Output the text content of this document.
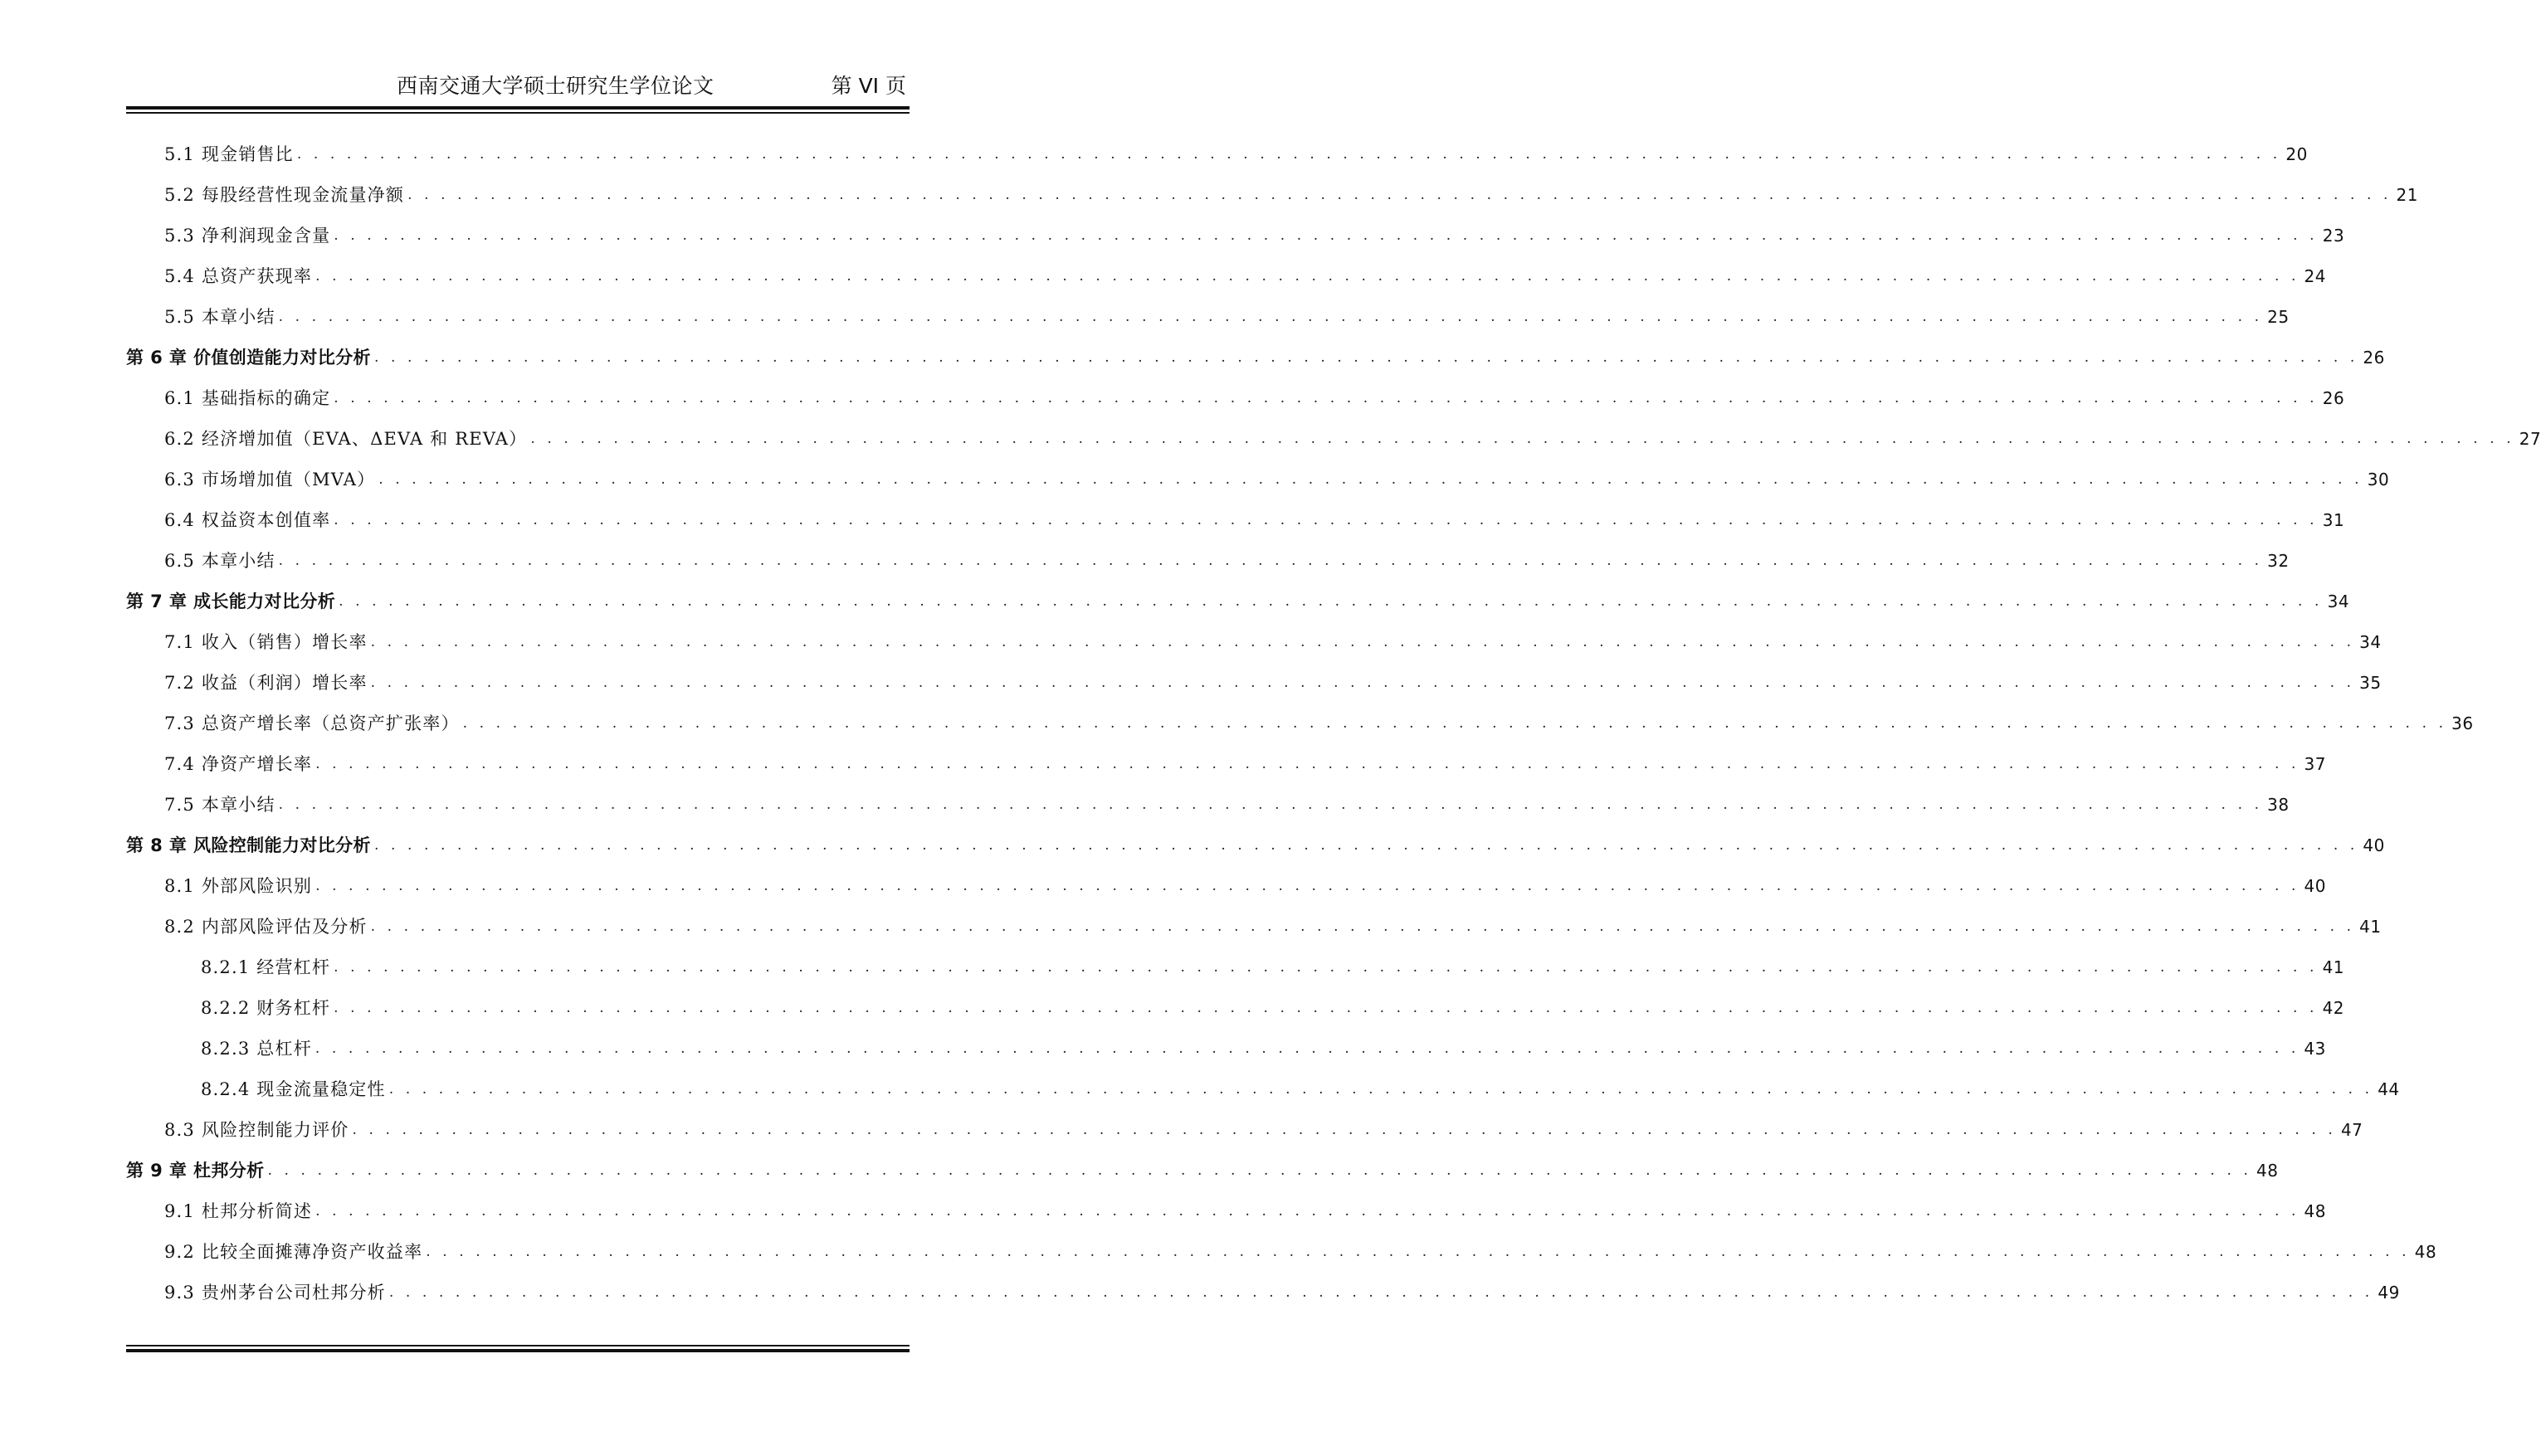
西南交通大学硕士研究生学位论文	第 VI 页
5.1 现金销售比 . . . . . . . . . . . . . . . . . . . . . . . . . . . . . . . . . . . . . . . . . . . . . . . . . . . . . . . . . . . . . . . . . . . . . . . . . . . . . . . . . . . . . . . . . . . . . . . . . . . . . . . . . . . . . . . . . . . . . . . . 20
5.2 每股经营性现金流量净额 . . . . . . . . . . . . . . . . . . . . . . . . . . . . . . . . . . . . . . . . . . . . . . . . . . . . . . . . . . . . . . . . . . . . . . . . . . . . . . . . . . . . . . . . . . . . . . . . . . . . . . . . . . . . . . . . . . . . . . . . 21
5.3 净利润现金含量 . . . . . . . . . . . . . . . . . . . . . . . . . . . . . . . . . . . . . . . . . . . . . . . . . . . . . . . . . . . . . . . . . . . . . . . . . . . . . . . . . . . . . . . . . . . . . . . . . . . . . . . . . . . . . . . . . . . . . . . . 23
5.4 总资产获现率 . . . . . . . . . . . . . . . . . . . . . . . . . . . . . . . . . . . . . . . . . . . . . . . . . . . . . . . . . . . . . . . . . . . . . . . . . . . . . . . . . . . . . . . . . . . . . . . . . . . . . . . . . . . . . . . . . . . . . . . . 24
5.5 本章小结 . . . . . . . . . . . . . . . . . . . . . . . . . . . . . . . . . . . . . . . . . . . . . . . . . . . . . . . . . . . . . . . . . . . . . . . . . . . . . . . . . . . . . . . . . . . . . . . . . . . . . . . . . . . . . . . . . . . . . . . . 25
第 6 章 价值创造能力对比分析 . . . . . . . . . . . . . . . . . . . . . . . . . . . . . . . . . . . . . . . . . . . . . . . . . . . . . . . . . . . . . . . . . . . . . . . . . . . . . . . . . . . . . . . . . . . . . . . . . . . . . . . . . . . . . . . . . . . . . . . . 26
6.1 基础指标的确定 . . . . . . . . . . . . . . . . . . . . . . . . . . . . . . . . . . . . . . . . . . . . . . . . . . . . . . . . . . . . . . . . . . . . . . . . . . . . . . . . . . . . . . . . . . . . . . . . . . . . . . . . . . . . . . . . . . . . . . . . 26
6.2 经济增加值（EVA、ΔEVA 和 REVA） . . . . . . . . . . . . . . . . . . . . . . . . . . . . . . . . . . . . . . . . . . . . . . . . . . . . . . . . . . . . . . . . . . . . . . . . . . . . . . . . . . . . . . . . . . . . . . . . . . . . . . . . . . . . . . . . . . . . . . . . 27
6.3 市场增加值（MVA） . . . . . . . . . . . . . . . . . . . . . . . . . . . . . . . . . . . . . . . . . . . . . . . . . . . . . . . . . . . . . . . . . . . . . . . . . . . . . . . . . . . . . . . . . . . . . . . . . . . . . . . . . . . . . . . . . . . . . . . . 30
6.4 权益资本创值率 . . . . . . . . . . . . . . . . . . . . . . . . . . . . . . . . . . . . . . . . . . . . . . . . . . . . . . . . . . . . . . . . . . . . . . . . . . . . . . . . . . . . . . . . . . . . . . . . . . . . . . . . . . . . . . . . . . . . . . . . 31
6.5 本章小结 . . . . . . . . . . . . . . . . . . . . . . . . . . . . . . . . . . . . . . . . . . . . . . . . . . . . . . . . . . . . . . . . . . . . . . . . . . . . . . . . . . . . . . . . . . . . . . . . . . . . . . . . . . . . . . . . . . . . . . . . 32
第 7 章 成长能力对比分析 . . . . . . . . . . . . . . . . . . . . . . . . . . . . . . . . . . . . . . . . . . . . . . . . . . . . . . . . . . . . . . . . . . . . . . . . . . . . . . . . . . . . . . . . . . . . . . . . . . . . . . . . . . . . . . . . . . . . . . . . 34
7.1 收入（销售）增长率 . . . . . . . . . . . . . . . . . . . . . . . . . . . . . . . . . . . . . . . . . . . . . . . . . . . . . . . . . . . . . . . . . . . . . . . . . . . . . . . . . . . . . . . . . . . . . . . . . . . . . . . . . . . . . . . . . . . . . . . . 34
7.2 收益（利润）增长率 . . . . . . . . . . . . . . . . . . . . . . . . . . . . . . . . . . . . . . . . . . . . . . . . . . . . . . . . . . . . . . . . . . . . . . . . . . . . . . . . . . . . . . . . . . . . . . . . . . . . . . . . . . . . . . . . . . . . . . . . 35
7.3 总资产增长率（总资产扩张率） . . . . . . . . . . . . . . . . . . . . . . . . . . . . . . . . . . . . . . . . . . . . . . . . . . . . . . . . . . . . . . . . . . . . . . . . . . . . . . . . . . . . . . . . . . . . . . . . . . . . . . . . . . . . . . . . . . . . . . . . 36
7.4 净资产增长率 . . . . . . . . . . . . . . . . . . . . . . . . . . . . . . . . . . . . . . . . . . . . . . . . . . . . . . . . . . . . . . . . . . . . . . . . . . . . . . . . . . . . . . . . . . . . . . . . . . . . . . . . . . . . . . . . . . . . . . . . 37
7.5 本章小结 . . . . . . . . . . . . . . . . . . . . . . . . . . . . . . . . . . . . . . . . . . . . . . . . . . . . . . . . . . . . . . . . . . . . . . . . . . . . . . . . . . . . . . . . . . . . . . . . . . . . . . . . . . . . . . . . . . . . . . . . 38
第 8 章 风险控制能力对比分析 . . . . . . . . . . . . . . . . . . . . . . . . . . . . . . . . . . . . . . . . . . . . . . . . . . . . . . . . . . . . . . . . . . . . . . . . . . . . . . . . . . . . . . . . . . . . . . . . . . . . . . . . . . . . . . . . . . . . . . . . 40
8.1 外部风险识别 . . . . . . . . . . . . . . . . . . . . . . . . . . . . . . . . . . . . . . . . . . . . . . . . . . . . . . . . . . . . . . . . . . . . . . . . . . . . . . . . . . . . . . . . . . . . . . . . . . . . . . . . . . . . . . . . . . . . . . . . 40
8.2 内部风险评估及分析 . . . . . . . . . . . . . . . . . . . . . . . . . . . . . . . . . . . . . . . . . . . . . . . . . . . . . . . . . . . . . . . . . . . . . . . . . . . . . . . . . . . . . . . . . . . . . . . . . . . . . . . . . . . . . . . . . . . . . . . . 41
8.2.1 经营杠杆 . . . . . . . . . . . . . . . . . . . . . . . . . . . . . . . . . . . . . . . . . . . . . . . . . . . . . . . . . . . . . . . . . . . . . . . . . . . . . . . . . . . . . . . . . . . . . . . . . . . . . . . . . . . . . . . . . . . . . . . . 41
8.2.2 财务杠杆 . . . . . . . . . . . . . . . . . . . . . . . . . . . . . . . . . . . . . . . . . . . . . . . . . . . . . . . . . . . . . . . . . . . . . . . . . . . . . . . . . . . . . . . . . . . . . . . . . . . . . . . . . . . . . . . . . . . . . . . . 42
8.2.3 总杠杆 . . . . . . . . . . . . . . . . . . . . . . . . . . . . . . . . . . . . . . . . . . . . . . . . . . . . . . . . . . . . . . . . . . . . . . . . . . . . . . . . . . . . . . . . . . . . . . . . . . . . . . . . . . . . . . . . . . . . . . . . 43
8.2.4 现金流量稳定性 . . . . . . . . . . . . . . . . . . . . . . . . . . . . . . . . . . . . . . . . . . . . . . . . . . . . . . . . . . . . . . . . . . . . . . . . . . . . . . . . . . . . . . . . . . . . . . . . . . . . . . . . . . . . . . . . . . . . . . . . 44
8.3 风险控制能力评价 . . . . . . . . . . . . . . . . . . . . . . . . . . . . . . . . . . . . . . . . . . . . . . . . . . . . . . . . . . . . . . . . . . . . . . . . . . . . . . . . . . . . . . . . . . . . . . . . . . . . . . . . . . . . . . . . . . . . . . . . 47
第 9 章 杜邦分析 . . . . . . . . . . . . . . . . . . . . . . . . . . . . . . . . . . . . . . . . . . . . . . . . . . . . . . . . . . . . . . . . . . . . . . . . . . . . . . . . . . . . . . . . . . . . . . . . . . . . . . . . . . . . . . . . . . . . . . . . 48
9.1 杜邦分析简述 . . . . . . . . . . . . . . . . . . . . . . . . . . . . . . . . . . . . . . . . . . . . . . . . . . . . . . . . . . . . . . . . . . . . . . . . . . . . . . . . . . . . . . . . . . . . . . . . . . . . . . . . . . . . . . . . . . . . . . . . 48
9.2 比较全面摊薄净资产收益率 . . . . . . . . . . . . . . . . . . . . . . . . . . . . . . . . . . . . . . . . . . . . . . . . . . . . . . . . . . . . . . . . . . . . . . . . . . . . . . . . . . . . . . . . . . . . . . . . . . . . . . . . . . . . . . . . . . . . . . . . 48
9.3 贵州茅台公司杜邦分析 . . . . . . . . . . . . . . . . . . . . . . . . . . . . . . . . . . . . . . . . . . . . . . . . . . . . . . . . . . . . . . . . . . . . . . . . . . . . . . . . . . . . . . . . . . . . . . . . . . . . . . . . . . . . . . . . . . . . . . . . 49
